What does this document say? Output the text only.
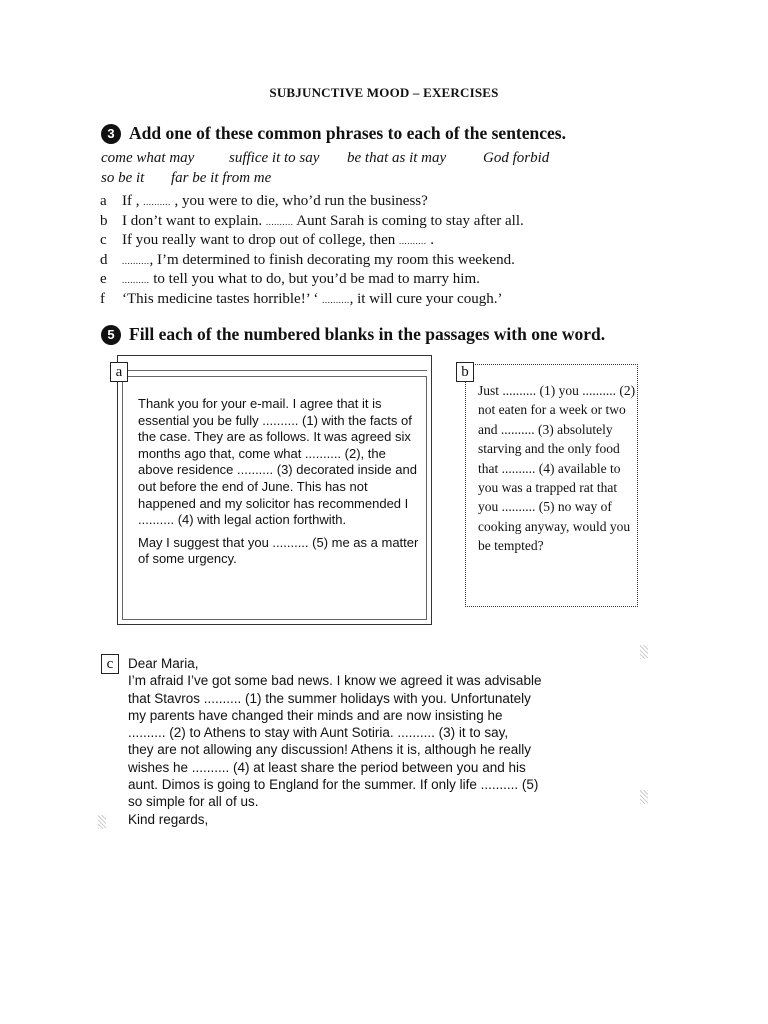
SUBJUNCTIVE MOOD – EXERCISES
3 Add one of these common phrases to each of the sentences.
come what may suffice it to say be that as it may God forbid
so be it far be it from me
a If , .......... , you were to die, who’d run the business?
b I don’t want to explain. .......... Aunt Sarah is coming to stay after all.
c If you really want to drop out of college, then .......... .
d .........., I’m determined to finish decorating my room this weekend.
e .......... to tell you what to do, but you’d be mad to marry him.
f ‘This medicine tastes horrible!’ ‘ .........., it will cure your cough.’
5 Fill each of the numbered blanks in the passages with one word.
a

Thank you for your e-mail. I agree that it is essential you be fully .......... (1) with the facts of the case. They are as follows. It was agreed six months ago that, come what .......... (2), the above residence .......... (3) decorated inside and out before the end of June. This has not happened and my solicitor has recommended I .......... (4) with legal action forthwith.

May I suggest that you .......... (5) me as a matter of some urgency.

b
Just .......... (1) you .......... (2) not eaten for a week or two and .......... (3) absolutely starving and the only food that .......... (4) available to you was a trapped rat that you .......... (5) no way of cooking anyway, would you be tempted?
c	Dear Maria,

I’m afraid I’ve got some bad news. I know we agreed it was advisable

that Stavros .......... (1) the summer holidays with you. Unfortunately

my parents have changed their minds and are now insisting he

.......... (2) to Athens to stay with Aunt Sotiria. .......... (3) it to say,

they are not allowing any discussion! Athens it is, although he really

wishes he .......... (4) at least share the period between you and his

aunt. Dimos is going to England for the summer. If only life .......... (5)

so simple for all of us.

Kind regards,
